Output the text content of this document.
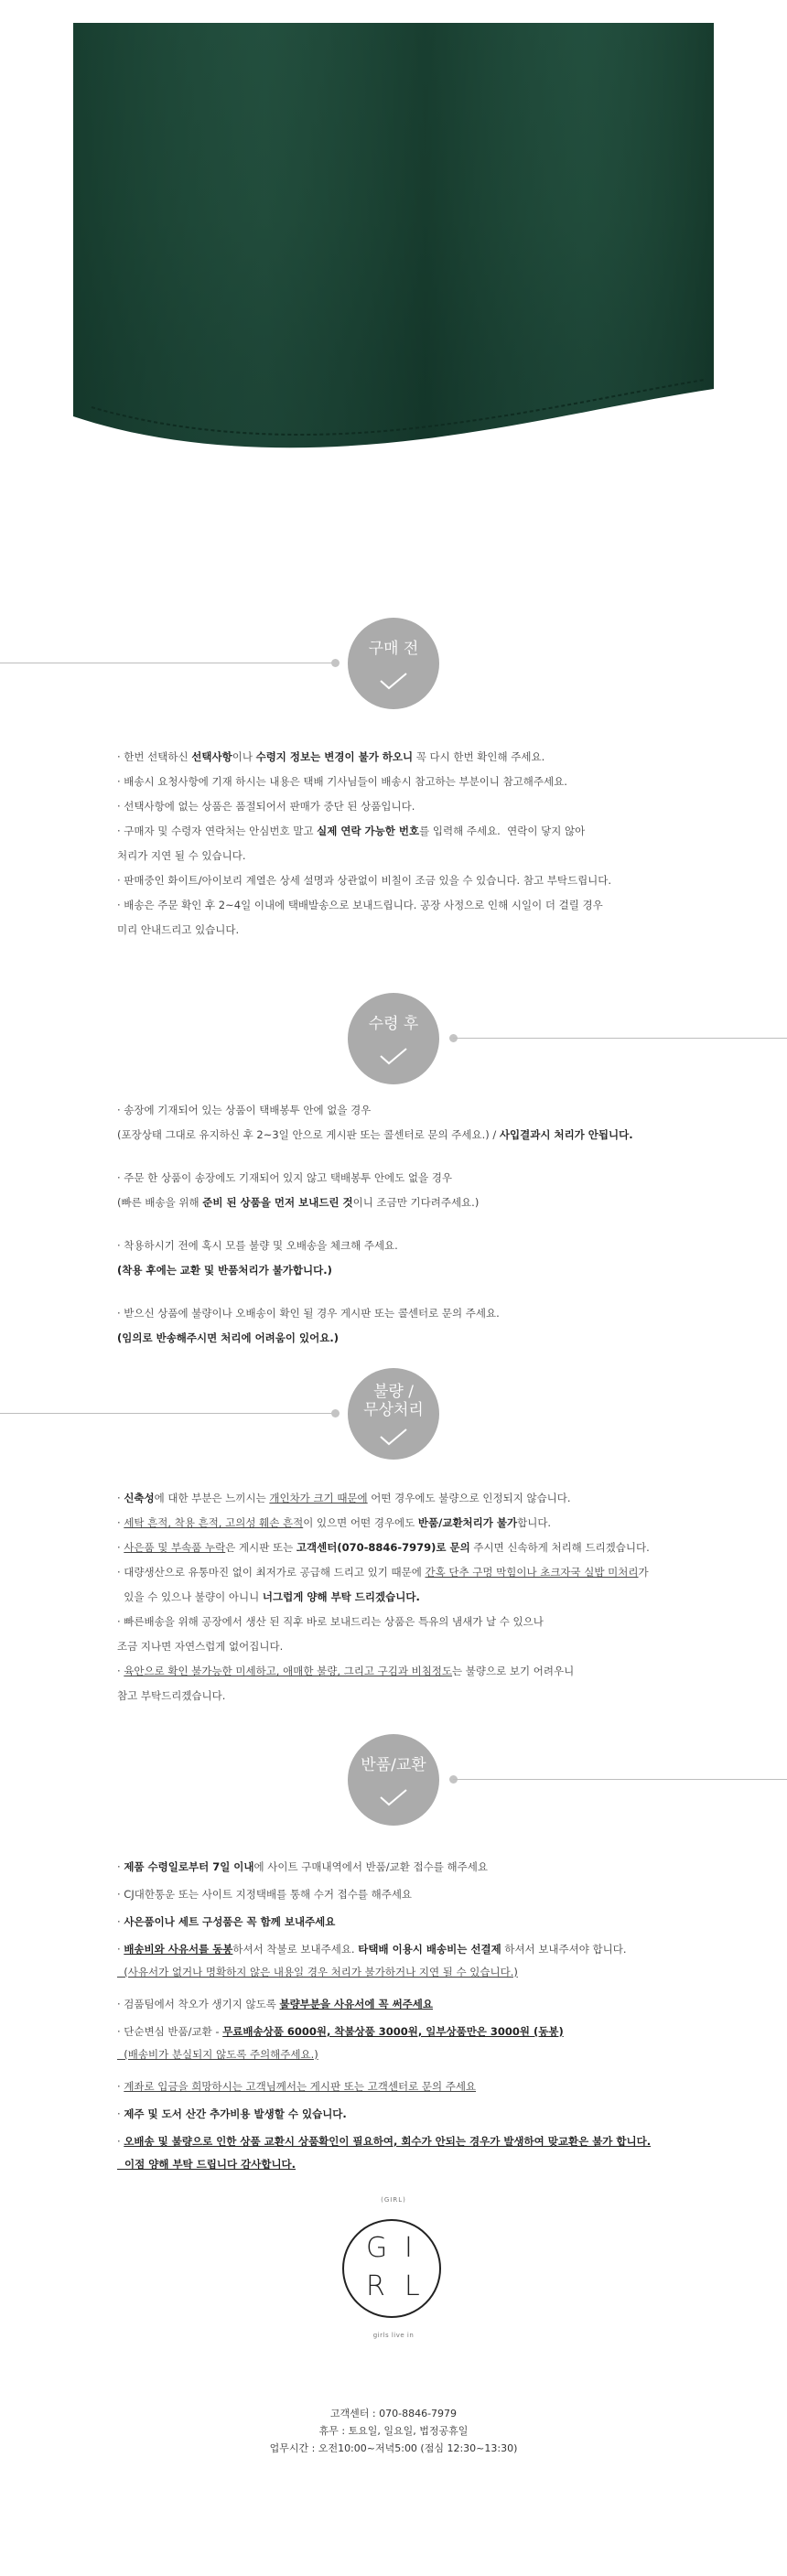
구매 전

· 한번 선택하신 선택사항이나 수령지 정보는 변경이 불가 하오니 꼭 다시 한번 확인해 주세요.

· 배송시 요청사항에 기재 하시는 내용은 택배 기사님들이 배송시 참고하는 부분이니 참고해주세요.

· 선택사항에 없는 상품은 품절되어서 판매가 중단 된 상품입니다.

· 구매자 및 수령자 연락처는 안심번호 말고 실제 연락 가능한 번호를 입력해 주세요.  연락이 닿지 않아

처리가 지연 될 수 있습니다.

· 판매중인 화이트/아이보리 계열은 상세 설명과 상관없이 비칠이 조금 있을 수 있습니다. 참고 부탁드립니다.

· 배송은 주문 확인 후 2~4일 이내에 택배발송으로 보내드립니다. 공장 사정으로 인해 시일이 더 걸릴 경우

미리 안내드리고 있습니다.

수령 후

· 송장에 기재되어 있는 상품이 택배봉투 안에 없을 경우

(포장상태 그대로 유지하신 후 2~3일 안으로 게시판 또는 콜센터로 문의 주세요.) / 사입결과시 처리가 안됩니다.

· 주문 한 상품이 송장에도 기재되어 있지 않고 택배봉투 안에도 없을 경우

(빠른 배송을 위해 준비 된 상품을 먼저 보내드린 것이니 조금만 기다려주세요.)

· 착용하시기 전에 혹시 모를 불량 및 오배송을 체크해 주세요.

(착용 후에는 교환 및 반품처리가 불가합니다.)

· 받으신 상품에 불량이나 오배송이 확인 될 경우 게시판 또는 콜센터로 문의 주세요.

(임의로 반송해주시면 처리에 어려움이 있어요.)

불량 /
무상처리

· 신축성에 대한 부분은 느끼시는 개인차가 크기 때문에 어떤 경우에도 불량으로 인정되지 않습니다.

· 세탁 흔적, 착용 흔적, 고의성 훼손 흔적이 있으면 어떤 경우에도 반품/교환처리가 불가합니다.

· 사은품 및 부속품 누락은 게시판 또는 고객센터(070-8846-7979)로 문의 주시면 신속하게 처리해 드리겠습니다.

· 대량생산으로 유통마진 없이 최저가로 공급해 드리고 있기 때문에 간혹 단추 구멍 막힘이나 초크자국 실밥 미처리가

있을 수 있으나 불량이 아니니 너그럽게 양해 부탁 드리겠습니다.

· 빠른배송을 위해 공장에서 생산 된 직후 바로 보내드리는 상품은 특유의 냄새가 날 수 있으나

조금 지나면 자연스럽게 없어집니다.

· 육안으로 확인 불가능한 미세하고, 애매한 불량, 그리고 구김과 비침정도는 불량으로 보기 어려우니

참고 부탁드리겠습니다.

반품/교환

· 제품 수령일로부터 7일 이내에 사이트 구매내역에서 반품/교환 접수를 해주세요

· CJ대한통운 또는 사이트 지정택배를 통해 수거 접수를 해주세요

· 사은품이나 세트 구성품은 꼭 함께 보내주세요

· 배송비와 사유서를 동봉하셔서 착불로 보내주세요. 타택배 이용시 배송비는 선결제 하셔서 보내주셔야 합니다.

(사유서가 없거나 명확하지 않은 내용일 경우 처리가 불가하거나 지연 될 수 있습니다.)

· 검품팀에서 착오가 생기지 않도록 불량부분을 사유서에 꼭 써주세요

· 단순변심 반품/교환 - 무료배송상품 6000원, 착불상품 3000원, 일부상품만은 3000원 (동봉)

(배송비가 분실되지 않도록 주의해주세요.)

· 계좌로 입금을 희망하시는 고객님께서는 게시판 또는 고객센터로 문의 주세요

· 제주 및 도서 산간 추가비용 발생할 수 있습니다.

· 오배송 및 불량으로 인한 상품 교환시 상품확인이 필요하여, 회수가 안되는 경우가 발생하여 맞교환은 불가 합니다.

이점 양해 부탁 드립니다 감사합니다.

(GIRL)
G I
R L
girls live in

고객센터 : 070-8846-7979

휴무 : 토요일, 일요일, 법정공휴일

업무시간 : 오전10:00~저녁5:00 (점심 12:30~13:30)
